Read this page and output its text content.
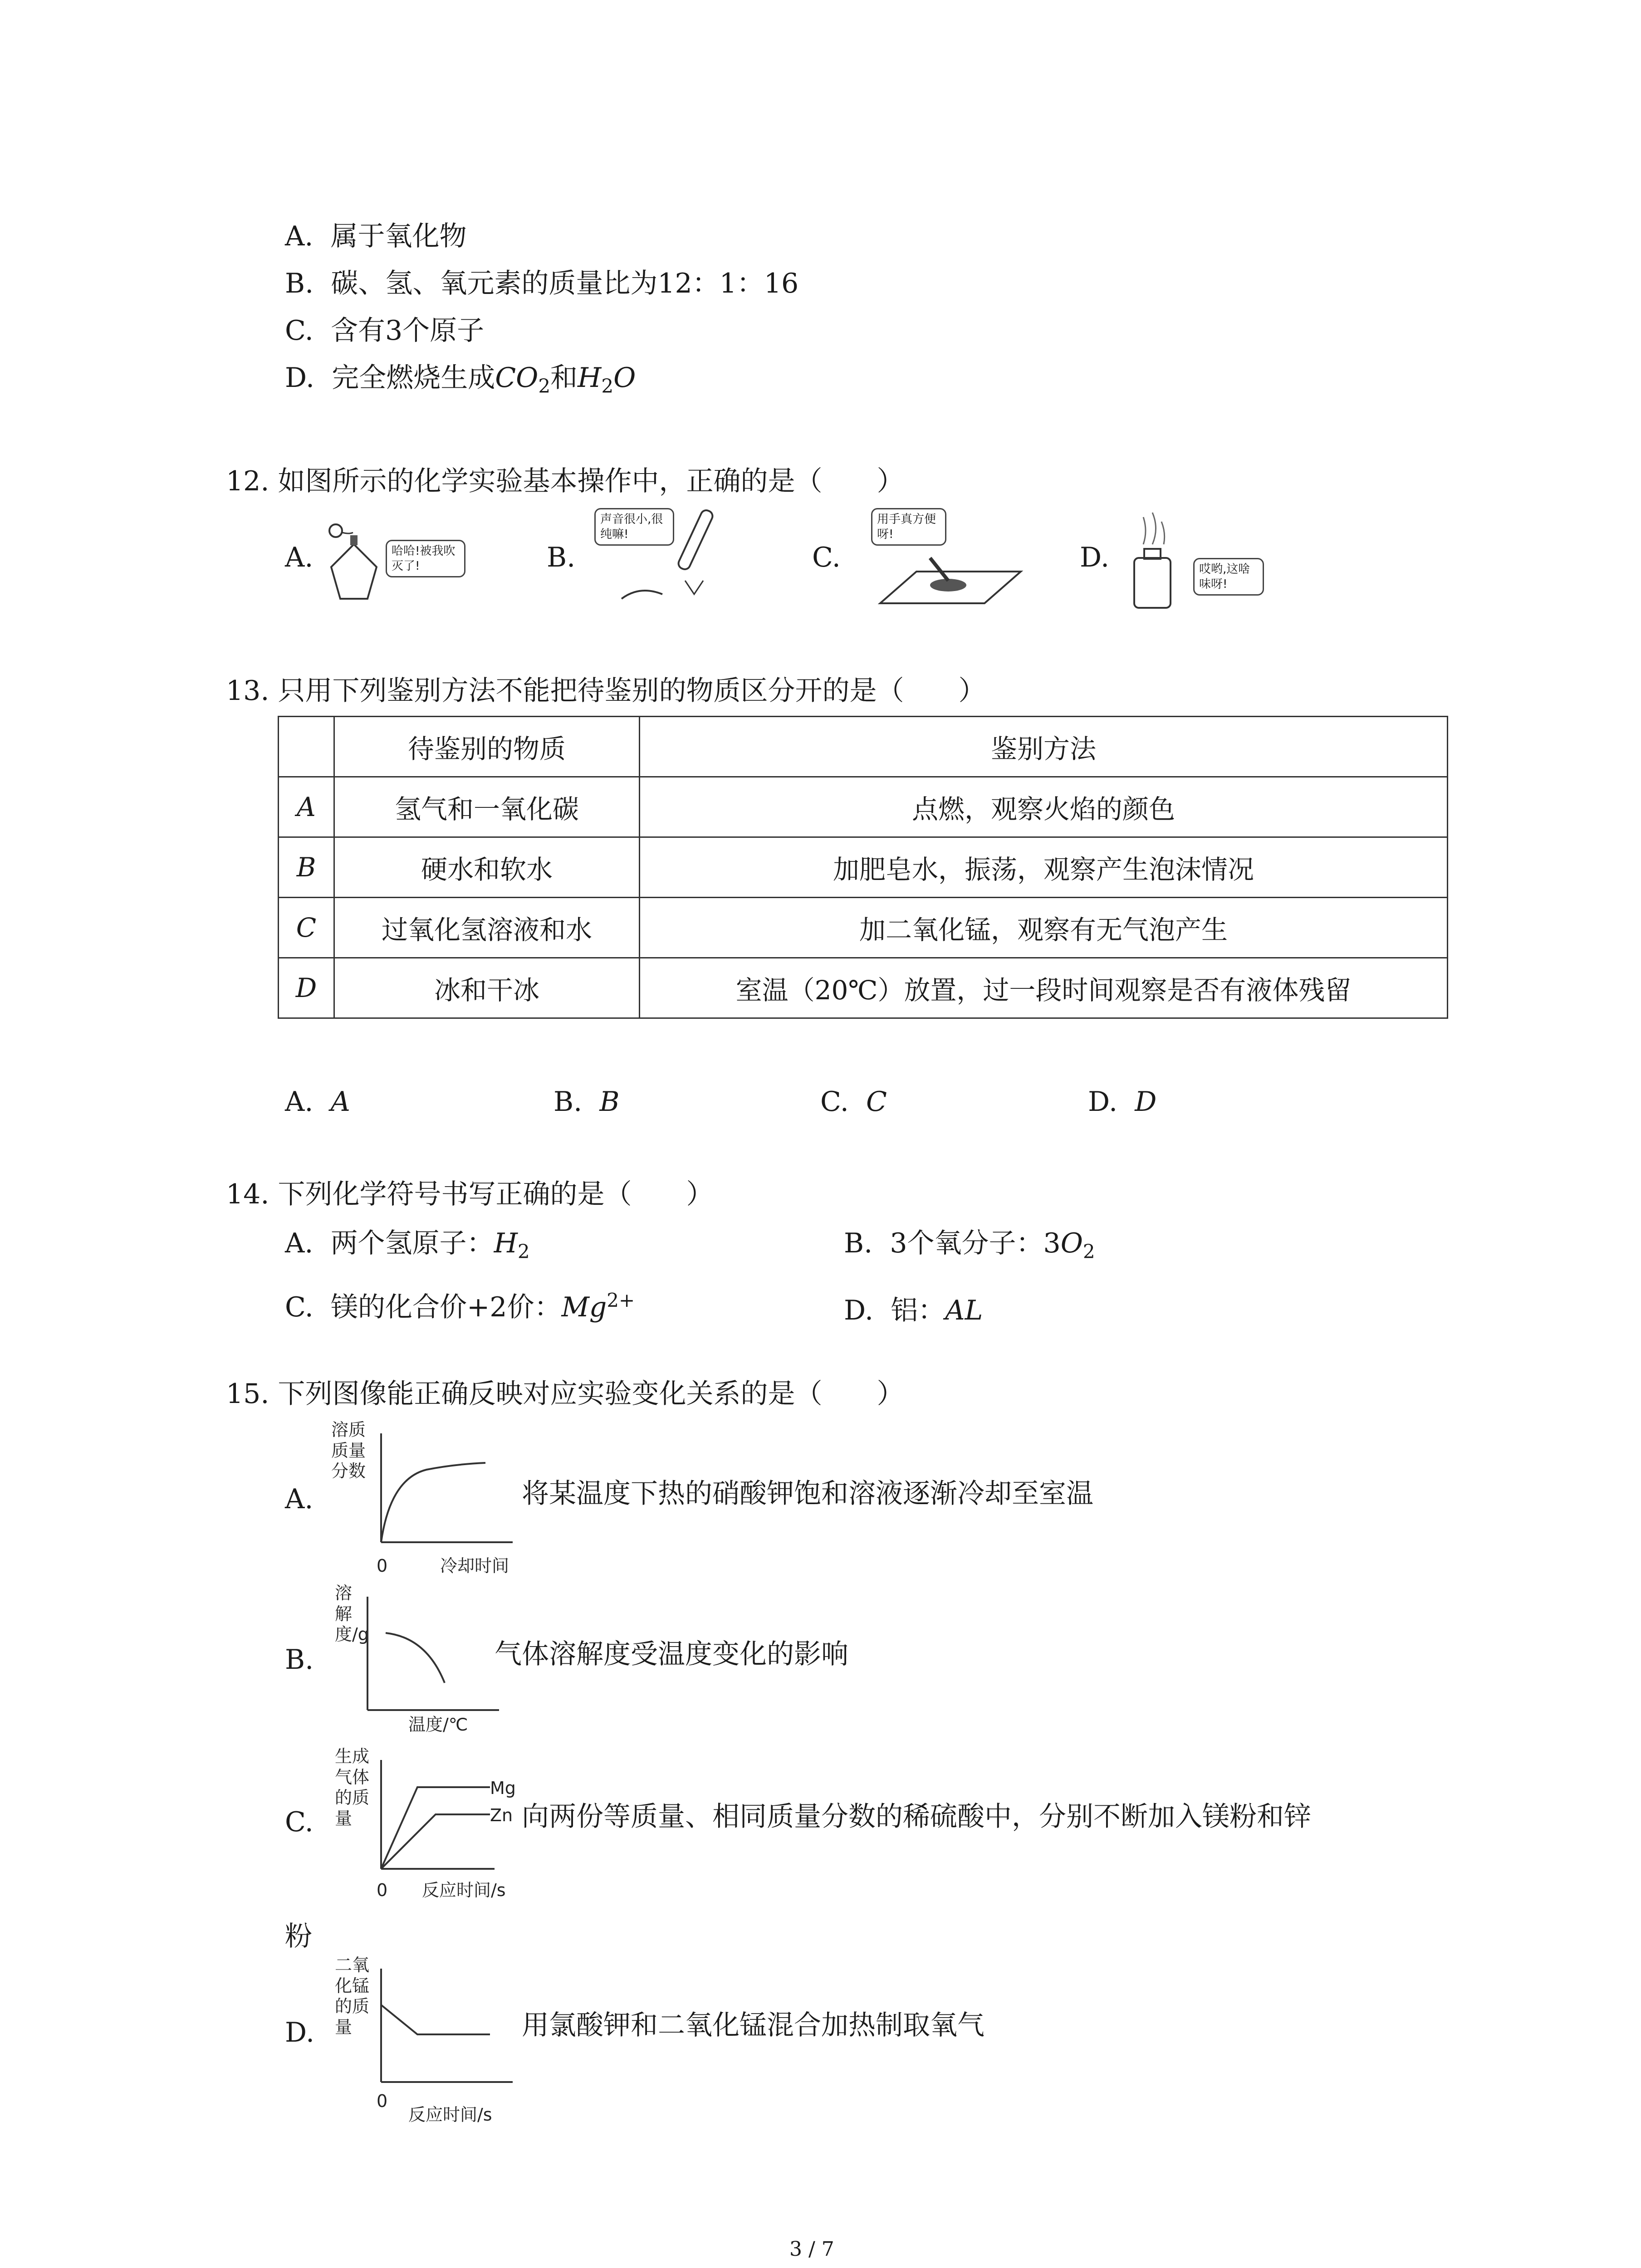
A. 属于氧化物
B. 碳、氢、氧元素的质量比为12：1：16
C. 含有3个原子
D. 完全燃烧生成$CO_2$和$H_2O$
12. 如图所示的化学实验基本操作中，正确的是（　　）
A.	哈哈!被我吹灭了!	B.
声音很小,很纯嘛!
C.
用手真方便呀!
D.	哎哟,这啥味呀!
13. 只用下列鉴别方法不能把待鉴别的物质区分开的是（　　）
	待鉴别的物质	鉴别方法
A	氢气和一氧化碳	点燃，观察火焰的颜色
B	硬水和软水	加肥皂水，振荡，观察产生泡沫情况
C	过氧化氢溶液和水	加二氧化锰，观察有无气泡产生
D	冰和干冰	室温（20℃）放置，过一段时间观察是否有液体残留
A. A	B. B	C. C	D. D
14. 下列化学符号书写正确的是（　　）
A. 两个氢原子：$H_2$	B. 3个氧分子：$3O_2$
C. 镁的化合价+2价：$Mg^{2+}$	D. 铝：AL
15. 下列图像能正确反映对应实验变化关系的是（　　）
A.
溶质质量分数
0	冷却时间
将某温度下热的硝酸钾饱和溶液逐渐冷却至室温
B.
溶解度/g
温度/℃
气体溶解度受温度变化的影响
C.
生成气体的质量
Mg
Zn
0 反应时间/s
向两份等质量、相同质量分数的稀硫酸中，分别不断加入镁粉和锌
粉
D.
二氧化锰的质量
0
反应时间/s
用氯酸钾和二氧化锰混合加热制取氧气
3 / 7
